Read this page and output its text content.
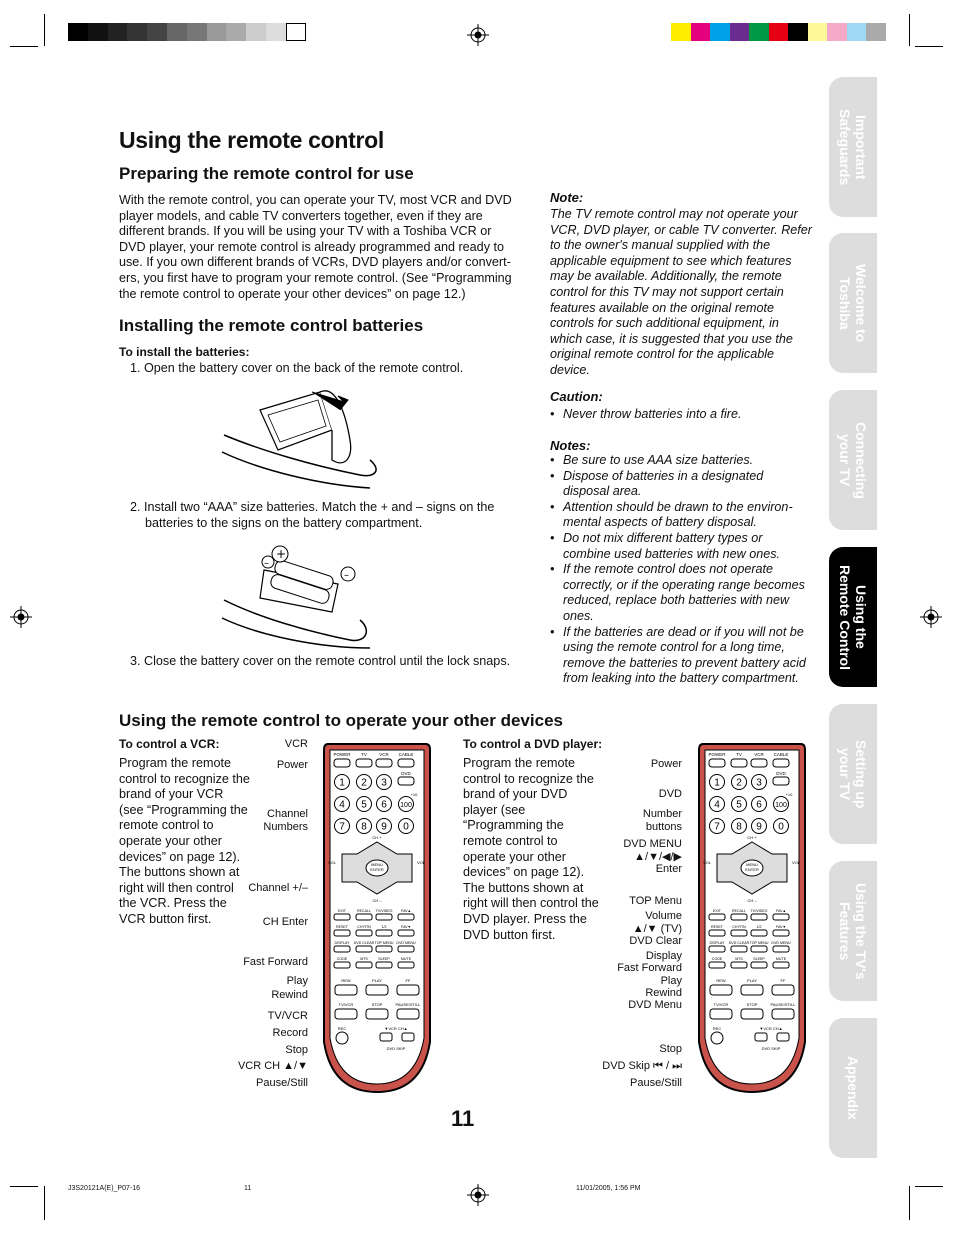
Using the remote control
Preparing the remote control for use
With the remote control, you can operate your TV, most VCR and DVD player models, and cable TV converters together, even if they are different brands. If you will be using your TV with a Toshiba VCR or DVD player, your remote control is already programmed and ready to use. If you own different brands of VCRs, DVD players and/or convert-ers, you first have to program your remote control. (See “Programming the remote control to operate your other devices” on page 12.)
Installing the remote control batteries
To install the batteries:
1. Open the battery cover on the back of the remote control.
2. Install two “AAA” size batteries. Match the + and – signs on the
batteries to the signs on the battery compartment.
+
–
–
3. Close the battery cover on the remote control until the lock snaps.
Note:
The TV remote control may not operate your VCR, DVD player, or cable TV converter. Refer to the owner's manual supplied with the applicable equipment to see which features may be available. Additionally, the remote control for this TV may not support certain features available on the original remote controls for such additional equipment, in which case, it is suggested that you use the original remote control for the applicable device.
Caution:
• Never throw batteries into a fire.
Notes:
• Be sure to use AAA size batteries.
• Dispose of batteries in a designated disposal area.
• Attention should be drawn to the environ-mental aspects of battery disposal.
• Do not mix different battery types or combine used batteries with new ones.
• If the remote control does not operate correctly, or if the operating range becomes reduced, replace both batteries with new ones.
• If the batteries are dead or if you will not be using the remote control for a long time, remove the batteries to prevent battery acid from leaking into the battery compartment.
Using the remote control to operate your other devices
To control a VCR:
Program the remote control to recognize the brand of your VCR (see “Programming the remote control to operate your other devices” on page 12). The buttons shown at right will then control the VCR. Press the VCR button first.
To control a DVD player:
Program the remote control to recognize the brand of your DVD player (see “Programming the remote control to operate your other devices” on page 12). The buttons shown at right will then control the DVD player. Press the DVD button first.
VCR
Power
Channel
Numbers
Channel +/–
CH Enter
Fast Forward
Play
Rewind
TV/VCR
Record
Stop
VCR CH ▲/▼
Pause/Still
Power
DVD
Number
buttons
DVD MENU
▲/▼/◀/▶
Enter
TOP Menu
Volume
▲/▼ (TV)
DVD Clear
Display
Fast Forward
Play
Rewind
DVD Menu
Stop
DVD Skip ⏮ / ⏭
Pause/Still
POWER TV	VCR CABLE
DVD
1 2 3
4 5 6
7 8 9 0
100
+10
CH +
MENU
ENTER
VOL	VOL
CH –
EXIT	RECALL TV/VIDEO FAV▲
RESET	CH RTN	1/2	FAV▼
DISPLAY DVD CLEAR TOP MENU DVD MENU
CODE	MTS	SLEEP	MUTE
REW	PLAY	FF
TV/VCR	STOP	PAUSE/STILL
REC	▼VCR CH▲
DVD SKIP
POWER TV	VCR CABLE
DVD
1 2 3
4 5 6
7 8 9 0
100
+10
CH +
MENU
ENTER
VOL	VOL
CH –
EXIT	RECALL TV/VIDEO FAV▲
RESET	CH RTN	1/2	FAV▼
DISPLAY DVD CLEAR TOP MENU DVD MENU
CODE	MTS	SLEEP	MUTE
REW	PLAY	FF
TV/VCR	STOP	PAUSE/STILL
REC	▼VCR CH▲
DVD SKIP
Important
Safeguards
Welcome to
Toshiba
Connecting
your TV
Using the
Remote Control
Setting up
your TV
Using the TV's
Features
Appendix
11
J3S20121A(E)_P07-16	11	11/01/2005, 1:56 PM
